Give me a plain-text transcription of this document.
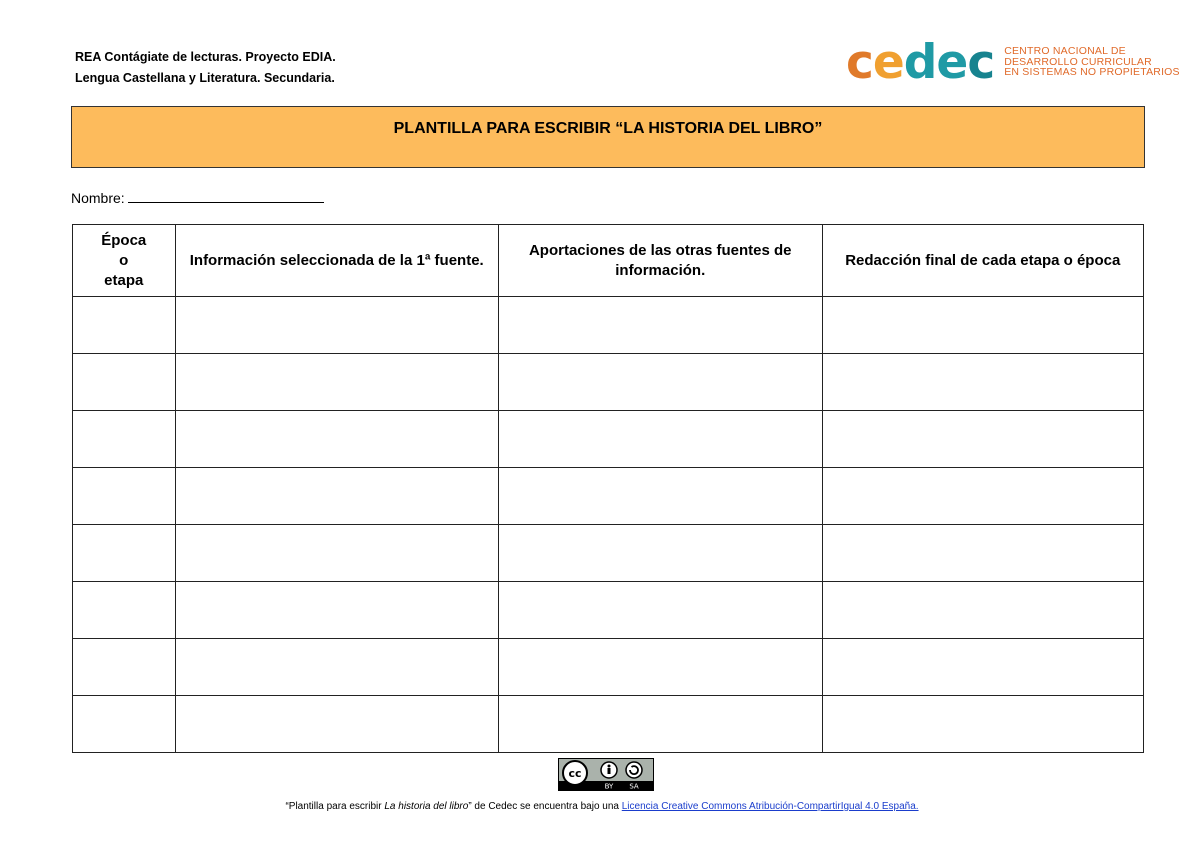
REA Contágiate de lecturas. Proyecto EDIA.
Lengua Castellana y Literatura. Secundaria.	cedec CENTRO NACIONAL DE
DESARROLLO CURRICULAR
EN SISTEMAS NO PROPIETARIOS
PLANTILLA PARA ESCRIBIR “LA HISTORIA DEL LIBRO”
Nombre:
Época
o
etapa	Información seleccionada de la 1ª fuente.	Aportaciones de las otras fuentes de información.	Redacción final de cada etapa o época

cc
BY SA
“Plantilla para escribir La historia del libro” de Cedec se encuentra bajo una Licencia Creative Commons Atribución-CompartirIgual 4.0 España.
